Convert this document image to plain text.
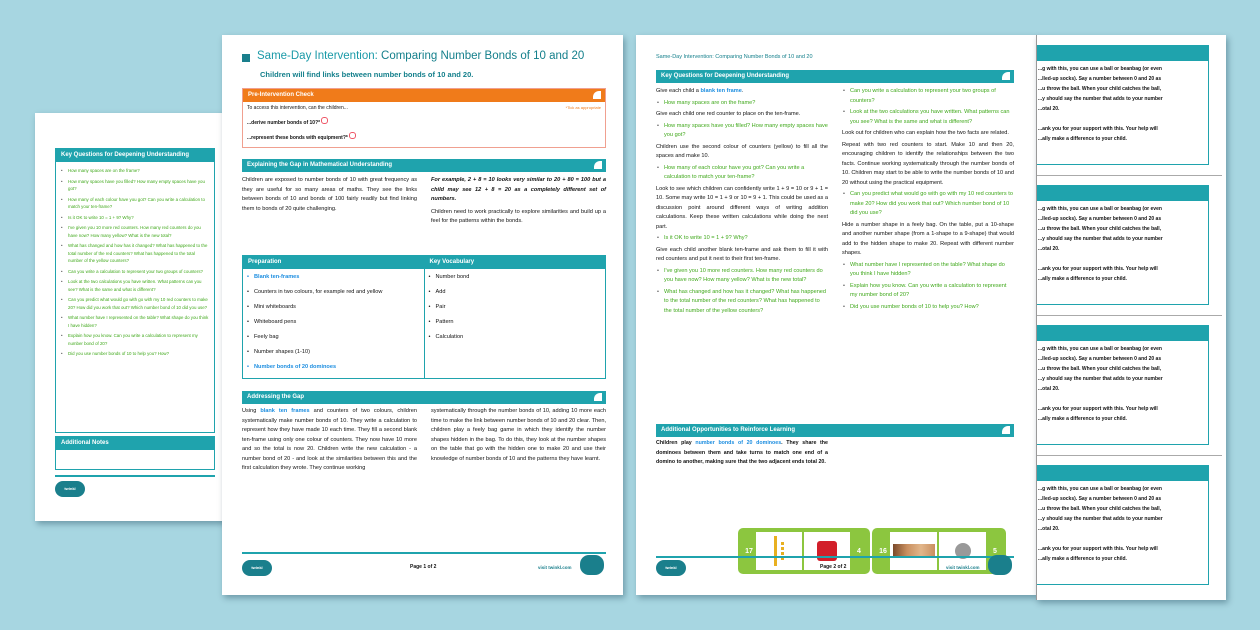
Key Questions for Deepening Understanding
• How many spaces are on the frame?
• How many spaces have you filled? How many empty spaces have you got?
• How many of each colour have you got? Can you write a calculation to match your ten-frame?
• Is it OK to write 10 = 1 + 9? Why?
• I've given you 10 more red counters. How many red counters do you have now? How many yellow? What is the new total?
• What has changed and how has it changed? What has happened to the total number of the red counters? What has happened to the total number of the yellow counters?
• Can you write a calculation to represent your two groups of counters?
• Look at the two calculations you have written. What patterns can you see? What is the same and what is different?
• Can you predict what would go with go with my 10 red counters to make 20? How did you work that out? Which number bond of 10 did you use?
• What number have I represented on the table? What shape do you think I have hidden?
• Explain how you know. Can you write a calculation to represent my number bond of 20?
• Did you use number bonds of 10 to help you? How?
Additional Notes
twinkl
Same-Day Intervention: Comparing Number Bonds of 10 and 20
Children will find links between number bonds of 10 and 20.
Pre-Intervention Check
To access this intervention, can the children...	*Tick as appropriate
...derive number bonds of 10?*
...represent these bonds with equipment?*
Explaining the Gap in Mathematical Understanding
Children are exposed to number bonds of 10 with great frequency as they are useful for so many areas of maths. They see the links between bonds of 10 and bonds of 100 fairly readily but find linking them to bonds of 20 quite challenging.
For example, 2 + 8 = 10 looks very similar to 20 + 80 = 100 but a child may see 12 + 8 = 20 as a completely different set of numbers.
Children need to work practically to explore similarities and build up a feel for the patterns within the bonds.
Preparation
• Blank ten-frames
• Counters in two colours, for example red and yellow
• Mini whiteboards
• Whiteboard pens
• Feely bag
• Number shapes (1-10)
• Number bonds of 20 dominoes
Key Vocabulary
• Number bond
• Add
• Pair
• Pattern
• Calculation
Addressing the Gap
Using blank ten frames and counters of two colours, children systematically make number bonds of 10. They write a calculation to represent how they have made 10 each time. They fill a second blank ten-frame using only one colour of counters. They now have 10 more and so the total is now 20. Children write the new calculation - a number bond of 20 - and look at the similarities between this and the first calculation they wrote. They continue working
systematically through the number bonds of 10, adding 10 more each time to make the link between number bonds of 10 and 20 clear. Then, children play a feely bag game in which they identify the number shapes hidden in the bag. To do this, they look at the number shapes on the table that go with the hidden one to make 20 and use their knowledge of number bonds of 10 and the patterns they have learnt.
twinkl	Page 1 of 2	visit twinkl.com
Same-Day Intervention: Comparing Number Bonds of 10 and 20
Key Questions for Deepening Understanding
Give each child a blank ten frame.
• How many spaces are on the frame?
Give each child one red counter to place on the ten-frame.
• How many spaces have you filled? How many empty spaces have you got?
Children use the second colour of counters (yellow) to fill all the spaces and make 10.
• How many of each colour have you got? Can you write a calculation to match your ten-frame?
Look to see which children can confidently write 1 + 9 = 10 or 9 + 1 = 10. Some may write 10 = 1 + 9 or 10 = 9 + 1. This could be used as a discussion point around different ways of writing addition calculations. Keep these written calculations while doing the next part.
• Is it OK to write 10 = 1 + 9? Why?
Give each child another blank ten-frame and ask them to fill it with red counters and put it next to their first ten-frame.
• I've given you 10 more red counters. How many red counters do you have now? How many yellow? What is the new total?
• What has changed and how has it changed? What has happened to the total number of the red counters? What has happened to the total number of the yellow counters?
• Can you write a calculation to represent your two groups of counters?
• Look at the two calculations you have written. What patterns can you see? What is the same and what is different?
Look out for children who can explain how the two facts are related.
Repeat with two red counters to start. Make 10 and then 20, encouraging children to identify the relationships between the two facts. Continue working systematically through the number bonds of 10. Children may start to be able to write the number bonds of 10 and 20 without using the practical equipment.
• Can you predict what would go with go with my 10 red counters to make 20? How did you work that out? Which number bond of 10 did you use?
Hide a number shape in a feely bag. On the table, put a 10-shape and another number shape (from a 1-shape to a 9-shape) that would add to the hidden shape to make 20. Repeat with different number shapes.
• What number have I represented on the table? What shape do you think I have hidden?
• Explain how you know. Can you write a calculation to represent my number bond of 20?
• Did you use number bonds of 10 to help you? How?
Additional Opportunities to Reinforce Learning
Children play number bonds of 20 dominoes. They share the dominoes between them and take turns to match one end of a domino to another, making sure that the two adjacent ends total 20.
17	4	16	5
twinkl	Page 2 of 2	visit twinkl.com
...g with this, you can use a ball or beanbag (or even
...lled-up socks). Say a number between 0 and 20 as
...u throw the ball. When your child catches the ball,
...y should say the number that adds to your number
...otal 20.
...ank you for your support with this. Your help will
...ally make a difference to your child.
...g with this, you can use a ball or beanbag (or even
...lled-up socks). Say a number between 0 and 20 as
...u throw the ball. When your child catches the ball,
...y should say the number that adds to your number
...otal 20.
...ank you for your support with this. Your help will
...ally make a difference to your child.
...g with this, you can use a ball or beanbag (or even
...lled-up socks). Say a number between 0 and 20 as
...u throw the ball. When your child catches the ball,
...y should say the number that adds to your number
...otal 20.
...ank you for your support with this. Your help will
...ally make a difference to your child.
...g with this, you can use a ball or beanbag (or even
...lled-up socks). Say a number between 0 and 20 as
...u throw the ball. When your child catches the ball,
...y should say the number that adds to your number
...otal 20.
...ank you for your support with this. Your help will
...ally make a difference to your child.
